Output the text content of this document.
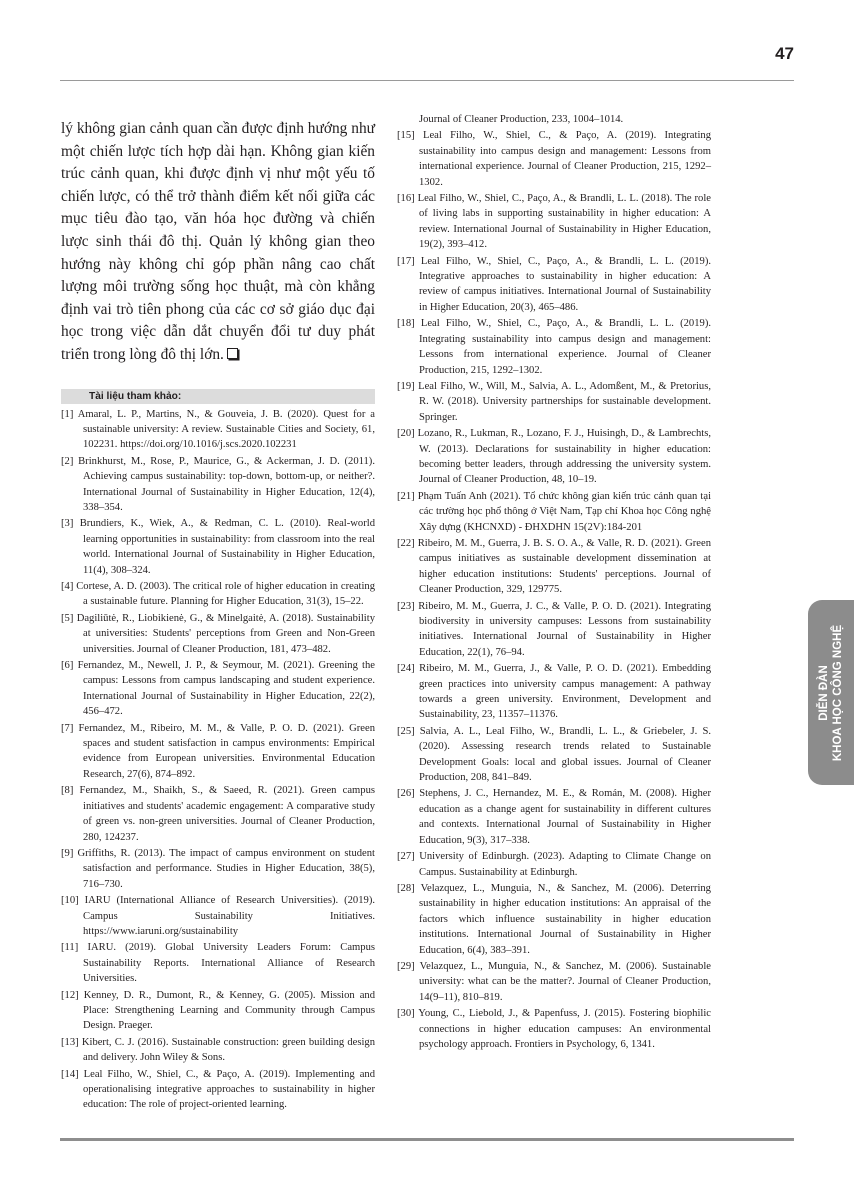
47
DIỄN ĐÀN KHOA HỌC CÔNG NGHỆ

lý không gian cảnh quan cần được định hướng như một chiến lược tích hợp dài hạn. Không gian kiến trúc cảnh quan, khi được định vị như một yếu tố chiến lược, có thể trở thành điểm kết nối giữa các mục tiêu đào tạo, văn hóa học đường và chiến lược sinh thái đô thị. Quản lý không gian theo hướng này không chỉ góp phần nâng cao chất lượng môi trường sống học thuật, mà còn khẳng định vai trò tiên phong của các cơ sở giáo dục đại học trong việc dẫn dắt chuyển đổi tư duy phát triển trong lòng đô thị lớn.

Tài liệu tham khảo:
[1] Amaral, L. P., Martins, N., & Gouveia, J. B. (2020). Quest for a sustainable university: A review. Sustainable Cities and Society, 61, 102231. https://doi.org/10.1016/j.scs.2020.102231
[2] Brinkhurst, M., Rose, P., Maurice, G., & Ackerman, J. D. (2011). Achieving campus sustainability: top-down, bottom-up, or neither?. International Journal of Sustainability in Higher Education, 12(4), 338–354.
[3] Brundiers, K., Wiek, A., & Redman, C. L. (2010). Real-world learning opportunities in sustainability: from classroom into the real world. International Journal of Sustainability in Higher Education, 11(4), 308–324.
[4] Cortese, A. D. (2003). The critical role of higher education in creating a sustainable future. Planning for Higher Education, 31(3), 15–22.
[5] Dagiliūtė, R., Liobikienė, G., & Minelgaitė, A. (2018). Sustainability at universities: Students' perceptions from Green and Non-Green universities. Journal of Cleaner Production, 181, 473–482.
[6] Fernandez, M., Newell, J. P., & Seymour, M. (2021). Greening the campus: Lessons from campus landscaping and student experience. International Journal of Sustainability in Higher Education, 22(2), 456–472.
[7] Fernandez, M., Ribeiro, M. M., & Valle, P. O. D. (2021). Green spaces and student satisfaction in campus environments: Empirical evidence from European universities. Environmental Education Research, 27(6), 874–892.
[8] Fernandez, M., Shaikh, S., & Saeed, R. (2021). Green campus initiatives and students' academic engagement: A comparative study of green vs. non-green universities. Journal of Cleaner Production, 280, 124237.
[9] Griffiths, R. (2013). The impact of campus environment on student satisfaction and performance. Studies in Higher Education, 38(5), 716–730.
[10] IARU (International Alliance of Research Universities). (2019). Campus Sustainability Initiatives. https://www.iaruni.org/sustainability
[11] IARU. (2019). Global University Leaders Forum: Campus Sustainability Reports. International Alliance of Research Universities.
[12] Kenney, D. R., Dumont, R., & Kenney, G. (2005). Mission and Place: Strengthening Learning and Community through Campus Design. Praeger.
[13] Kibert, C. J. (2016). Sustainable construction: green building design and delivery. John Wiley & Sons.
[14] Leal Filho, W., Shiel, C., & Paço, A. (2019). Implementing and operationalising integrative approaches to sustainability in higher education: The role of project-oriented learning.
Journal of Cleaner Production, 233, 1004–1014.
[15] Leal Filho, W., Shiel, C., & Paço, A. (2019). Integrating sustainability into campus design and management: Lessons from international experience. Journal of Cleaner Production, 215, 1292–1302.
[16] Leal Filho, W., Shiel, C., Paço, A., & Brandli, L. L. (2018). The role of living labs in supporting sustainability in higher education: A review. International Journal of Sustainability in Higher Education, 19(2), 393–412.
[17] Leal Filho, W., Shiel, C., Paço, A., & Brandli, L. L. (2019). Integrative approaches to sustainability in higher education: A review of campus initiatives. International Journal of Sustainability in Higher Education, 20(3), 465–486.
[18] Leal Filho, W., Shiel, C., Paço, A., & Brandli, L. L. (2019). Integrating sustainability into campus design and management: Lessons from international experience. Journal of Cleaner Production, 215, 1292–1302.
[19] Leal Filho, W., Will, M., Salvia, A. L., Adomßent, M., & Pretorius, R. W. (2018). University partnerships for sustainable development. Springer.
[20] Lozano, R., Lukman, R., Lozano, F. J., Huisingh, D., & Lambrechts, W. (2013). Declarations for sustainability in higher education: becoming better leaders, through addressing the university system. Journal of Cleaner Production, 48, 10–19.
[21] Phạm Tuấn Anh (2021). Tổ chức không gian kiến trúc cảnh quan tại các trường học phổ thông ở Việt Nam, Tạp chí Khoa học Công nghệ Xây dựng (KHCNXD) - ĐHXDHN 15(2V):184-201
[22] Ribeiro, M. M., Guerra, J. B. S. O. A., & Valle, R. D. (2021). Green campus initiatives as sustainable development dissemination at higher education institutions: Students' perceptions. Journal of Cleaner Production, 329, 129775.
[23] Ribeiro, M. M., Guerra, J. C., & Valle, P. O. D. (2021). Integrating biodiversity in university campuses: Lessons from sustainability initiatives. International Journal of Sustainability in Higher Education, 22(1), 76–94.
[24] Ribeiro, M. M., Guerra, J., & Valle, P. O. D. (2021). Embedding green practices into university campus management: A pathway towards a green university. Environment, Development and Sustainability, 23, 11357–11376.
[25] Salvia, A. L., Leal Filho, W., Brandli, L. L., & Griebeler, J. S. (2020). Assessing research trends related to Sustainable Development Goals: local and global issues. Journal of Cleaner Production, 208, 841–849.
[26] Stephens, J. C., Hernandez, M. E., & Román, M. (2008). Higher education as a change agent for sustainability in different cultures and contexts. International Journal of Sustainability in Higher Education, 9(3), 317–338.
[27] University of Edinburgh. (2023). Adapting to Climate Change on Campus. Sustainability at Edinburgh.
[28] Velazquez, L., Munguia, N., & Sanchez, M. (2006). Deterring sustainability in higher education institutions: An appraisal of the factors which influence sustainability in higher education institutions. International Journal of Sustainability in Higher Education, 6(4), 383–391.
[29] Velazquez, L., Munguia, N., & Sanchez, M. (2006). Sustainable university: what can be the matter?. Journal of Cleaner Production, 14(9–11), 810–819.
[30] Young, C., Liebold, J., & Papenfuss, J. (2015). Fostering biophilic connections in higher education campuses: An environmental psychology approach. Frontiers in Psychology, 6, 1341.
